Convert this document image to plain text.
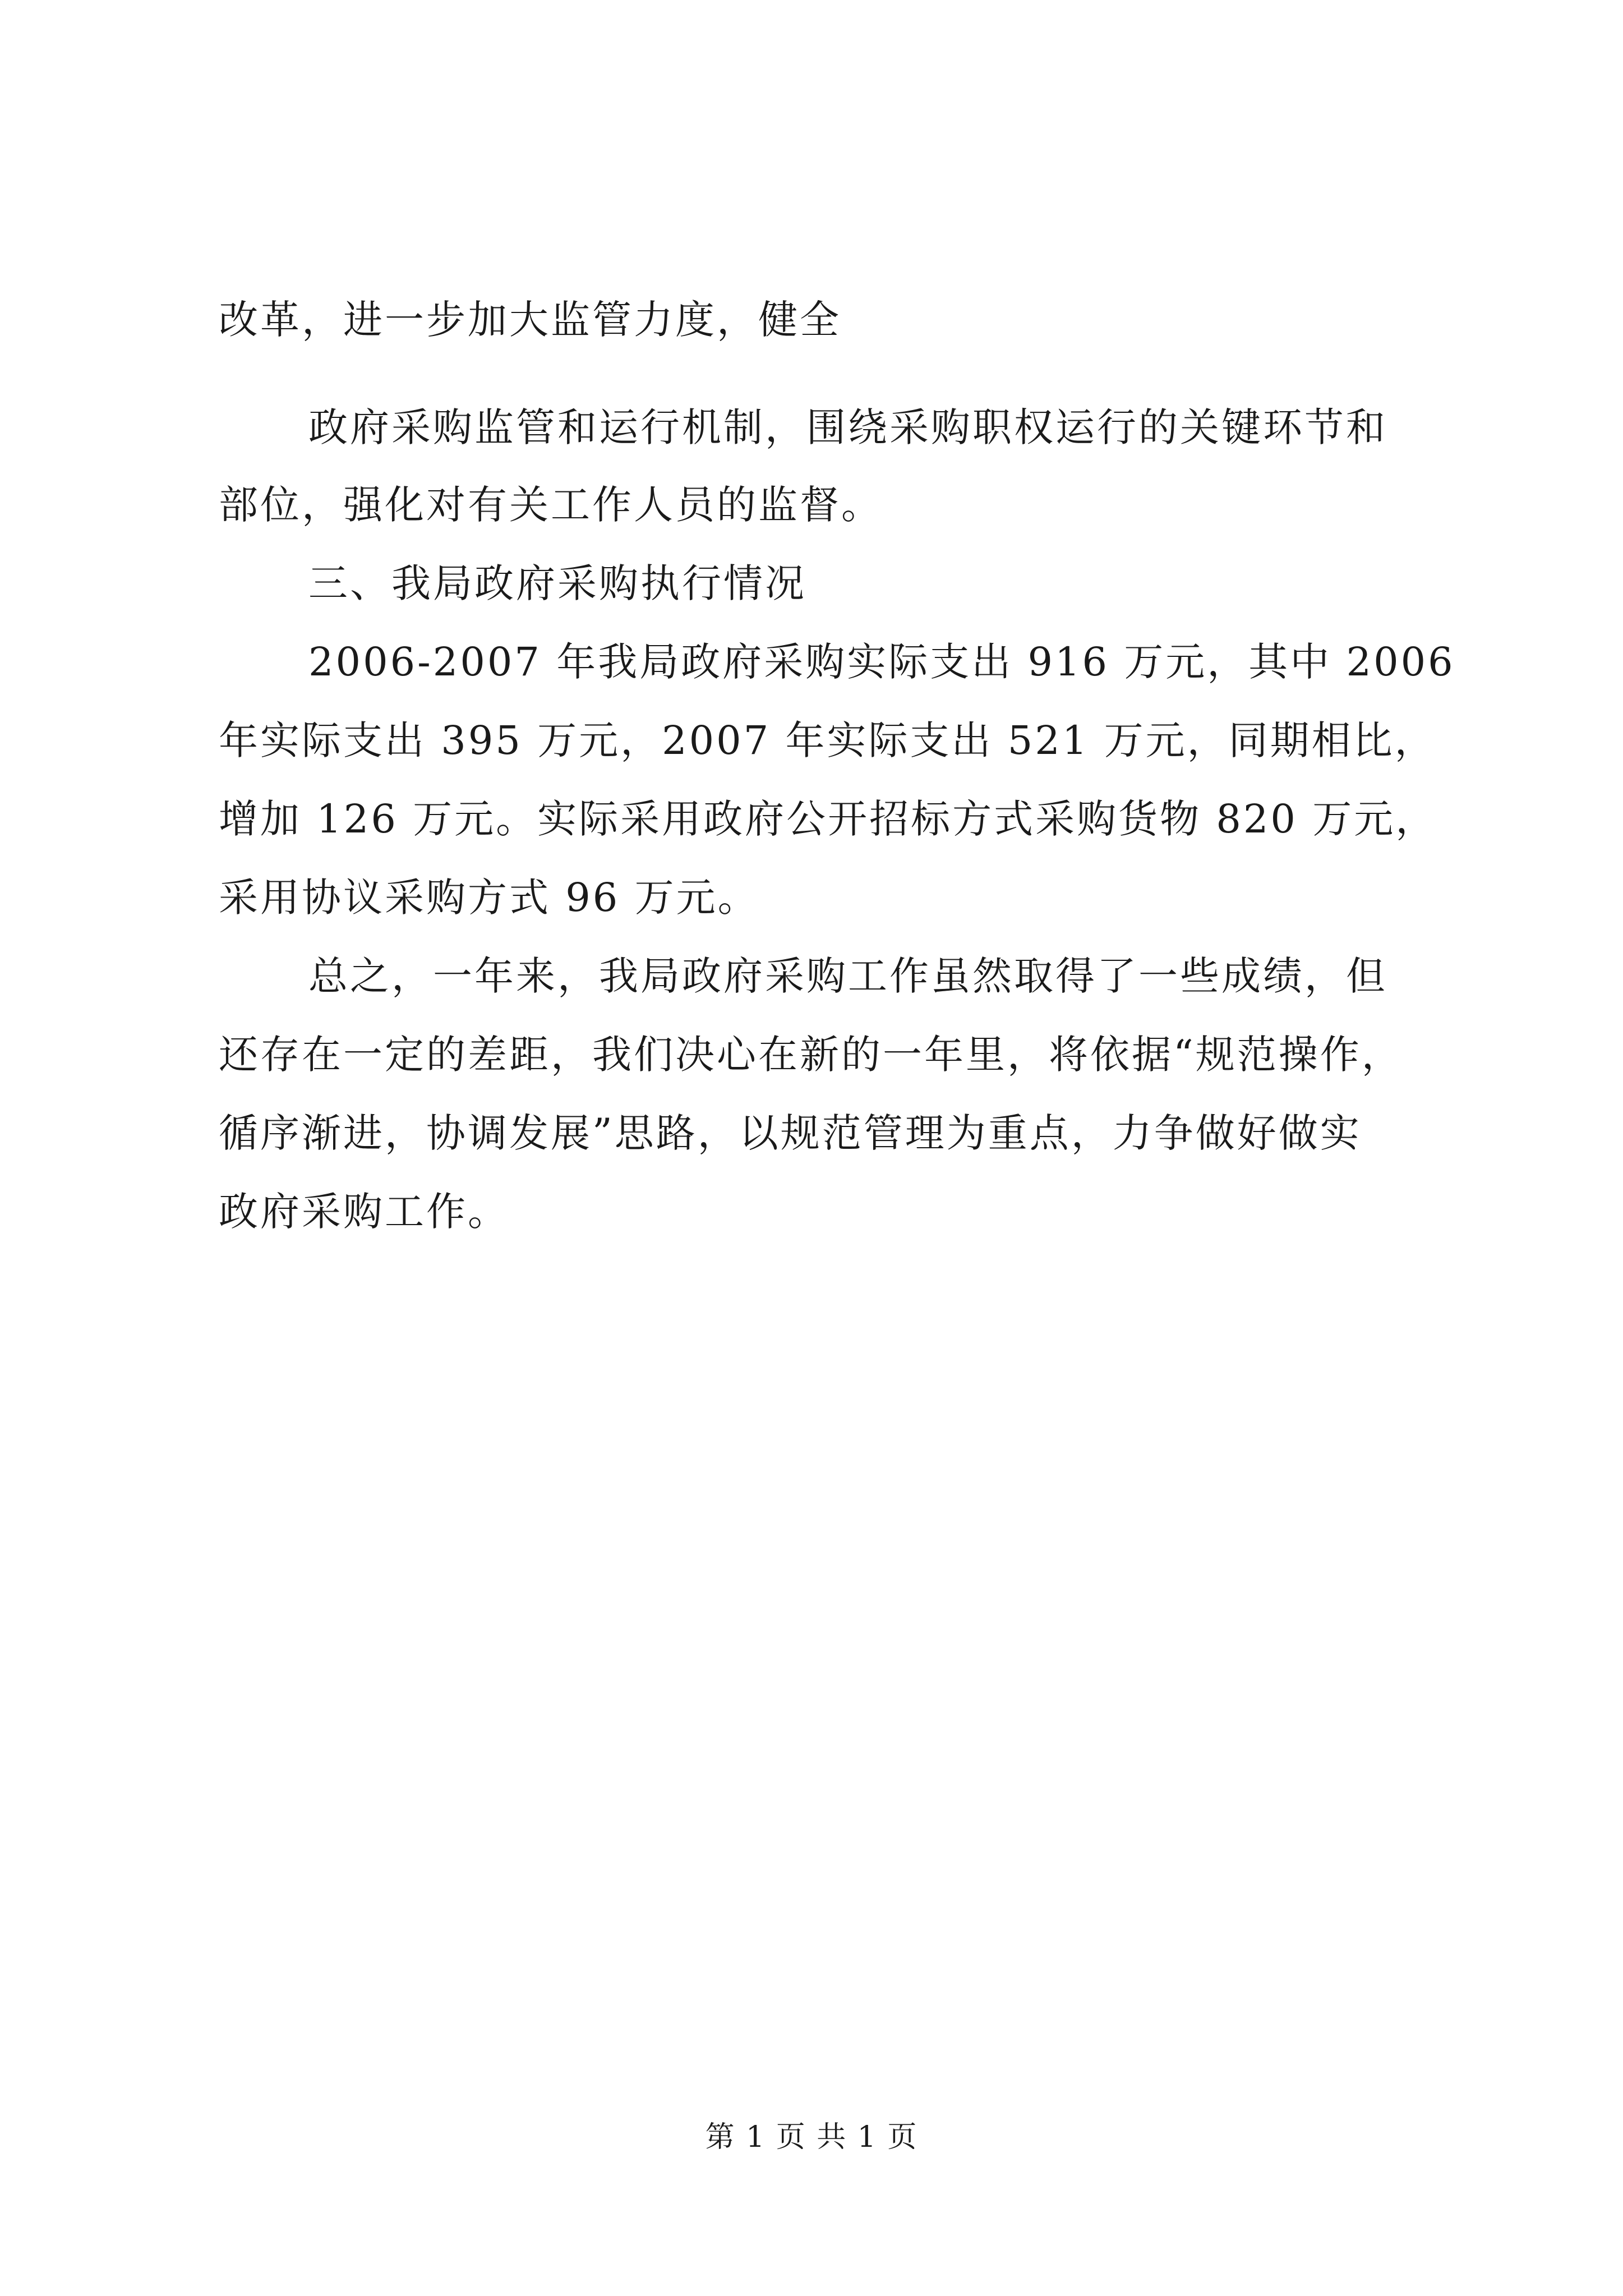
改革，进一步加大监管力度，健全
政府采购监管和运行机制，围绕采购职权运行的关键环节和
部位，强化对有关工作人员的监督。
三、我局政府采购执行情况
2006-2007 年我局政府采购实际支出 916 万元，其中 2006
年实际支出 395 万元，2007 年实际支出 521 万元，同期相比，
增加 126 万元。实际采用政府公开招标方式采购货物 820 万元，
采用协议采购方式 96 万元。
总之，一年来，我局政府采购工作虽然取得了一些成绩，但
还存在一定的差距，我们决心在新的一年里，将依据“规范操作，
循序渐进，协调发展”思路，以规范管理为重点，力争做好做实
政府采购工作。
第 1 页 共 1 页
